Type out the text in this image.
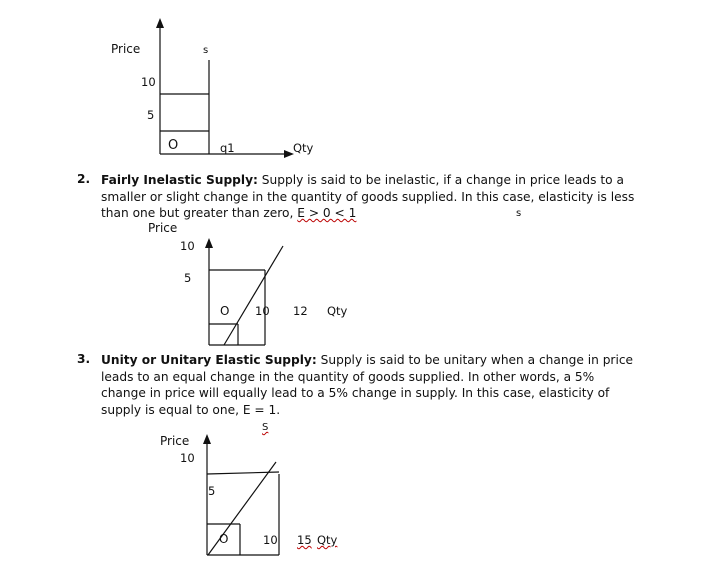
Price	s
10
5
O	q1	Qty
2. Fairly Inelastic Supply: Supply is said to be inelastic, if a change in price leads to a
smaller or slight change in the quantity of goods supplied. In this case, elasticity is less
than one but greater than zero, E > 0 < 1	s
Price
10
5
O 10 12 Qty
3. Unity or Unitary Elastic Supply: Supply is said to be unitary when a change in price
leads to an equal change in the quantity of goods supplied. In other words, a 5%
change in price will equally lead to a 5% change in supply. In this case, elasticity of
supply is equal to one, E = 1.
S
Price
10
5
O	10 15 Qty
